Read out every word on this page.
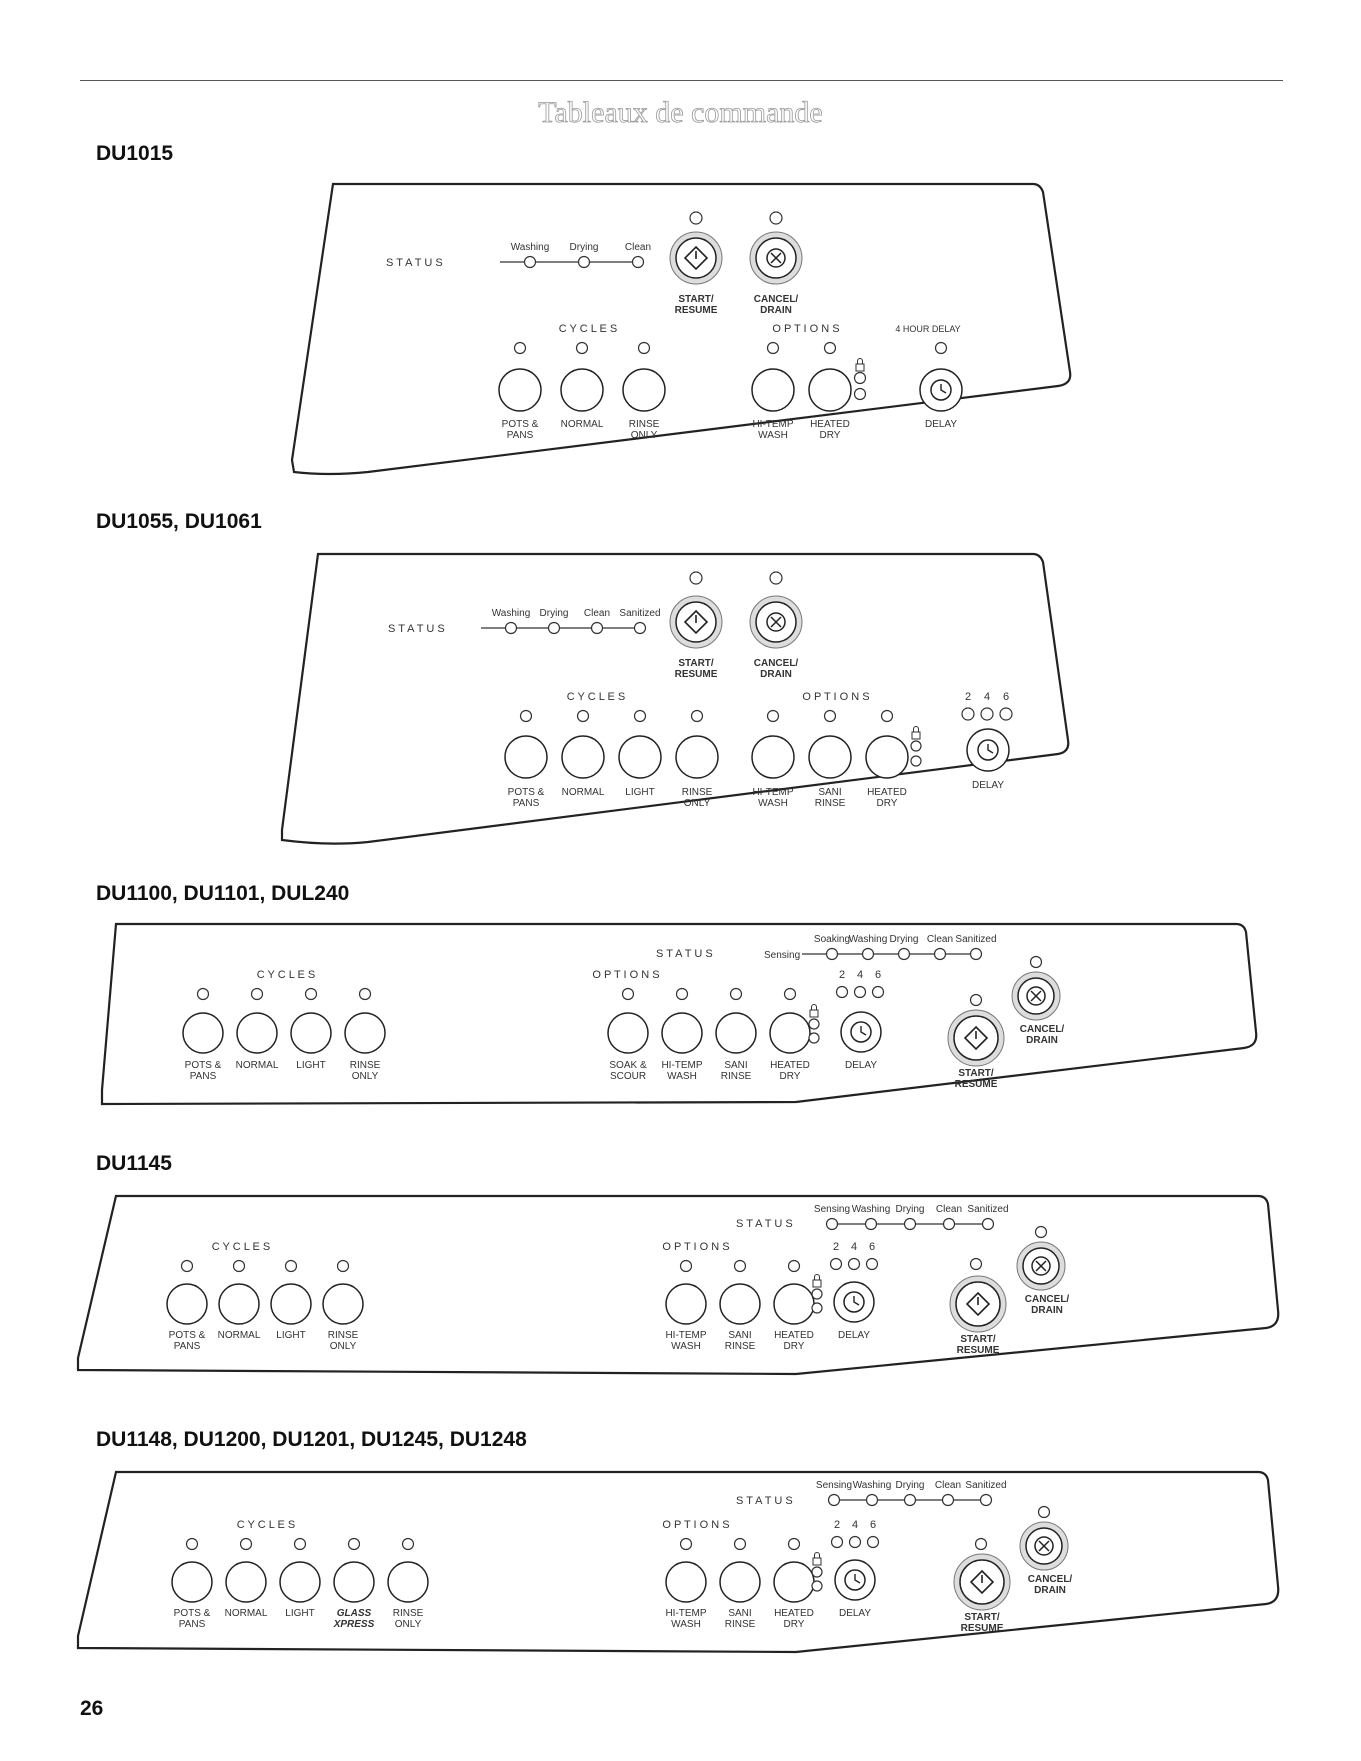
Tableaux de commande
DU1015
S T A T U S
Washing Drying	Clean
START/
RESUME
CANCEL/
DRAIN
C Y C L E S	O P T I O N S	4 HOUR DELAY
POTS &
PANS
NORMAL	RINSE
ONLY
HI-TEMP
WASH
HEATED
DRY
DELAY
DU1055, DU1061
S T A T U S
Washing Drying Clean Sanitized
START/
RESUME
CANCEL/
DRAIN
C Y C L E S	O P T I O N S
POTS &
PANS
NORMAL LIGHT	RINSE
ONLY
HI-TEMP
WASH
SANI
RINSE
HEATED
DRY
2 4 6
DELAY
DU1100, DU1101, DUL240
S T A T U S	Sensing
Soaking
Washing Drying Clean Sanitized
C Y C L E S	O P T I O N S
POTS &
PANS
NORMAL LIGHT RINSE
ONLY
SOAK &
SCOUR
HI-TEMP
WASH
SANI
RINSE
HEATED
DRY
2 4 6
DELAY
START/
RESUME
CANCEL/
DRAIN
DU1145
S T A T U S
Sensing Washing Drying Clean Sanitized
C Y C L E S	O P T I O N S
POTS &
PANS
NORMAL LIGHT RINSE
ONLY
HI-TEMP
WASH
SANI
RINSE
HEATED
DRY
2 4 6
DELAY	START/
RESUME
CANCEL/
DRAIN
DU1148, DU1200, DU1201, DU1245, DU1248
S T A T U S
Sensing Washing Drying Clean Sanitized
C Y C L E S	O P T I O N S
POTS &
PANS
NORMAL LIGHT GLASS
XPRESS
RINSE
ONLY
HI-TEMP
WASH
SANI
RINSE
HEATED
DRY
2 4 6
DELAY	START/
RESUME
CANCEL/
DRAIN
26
